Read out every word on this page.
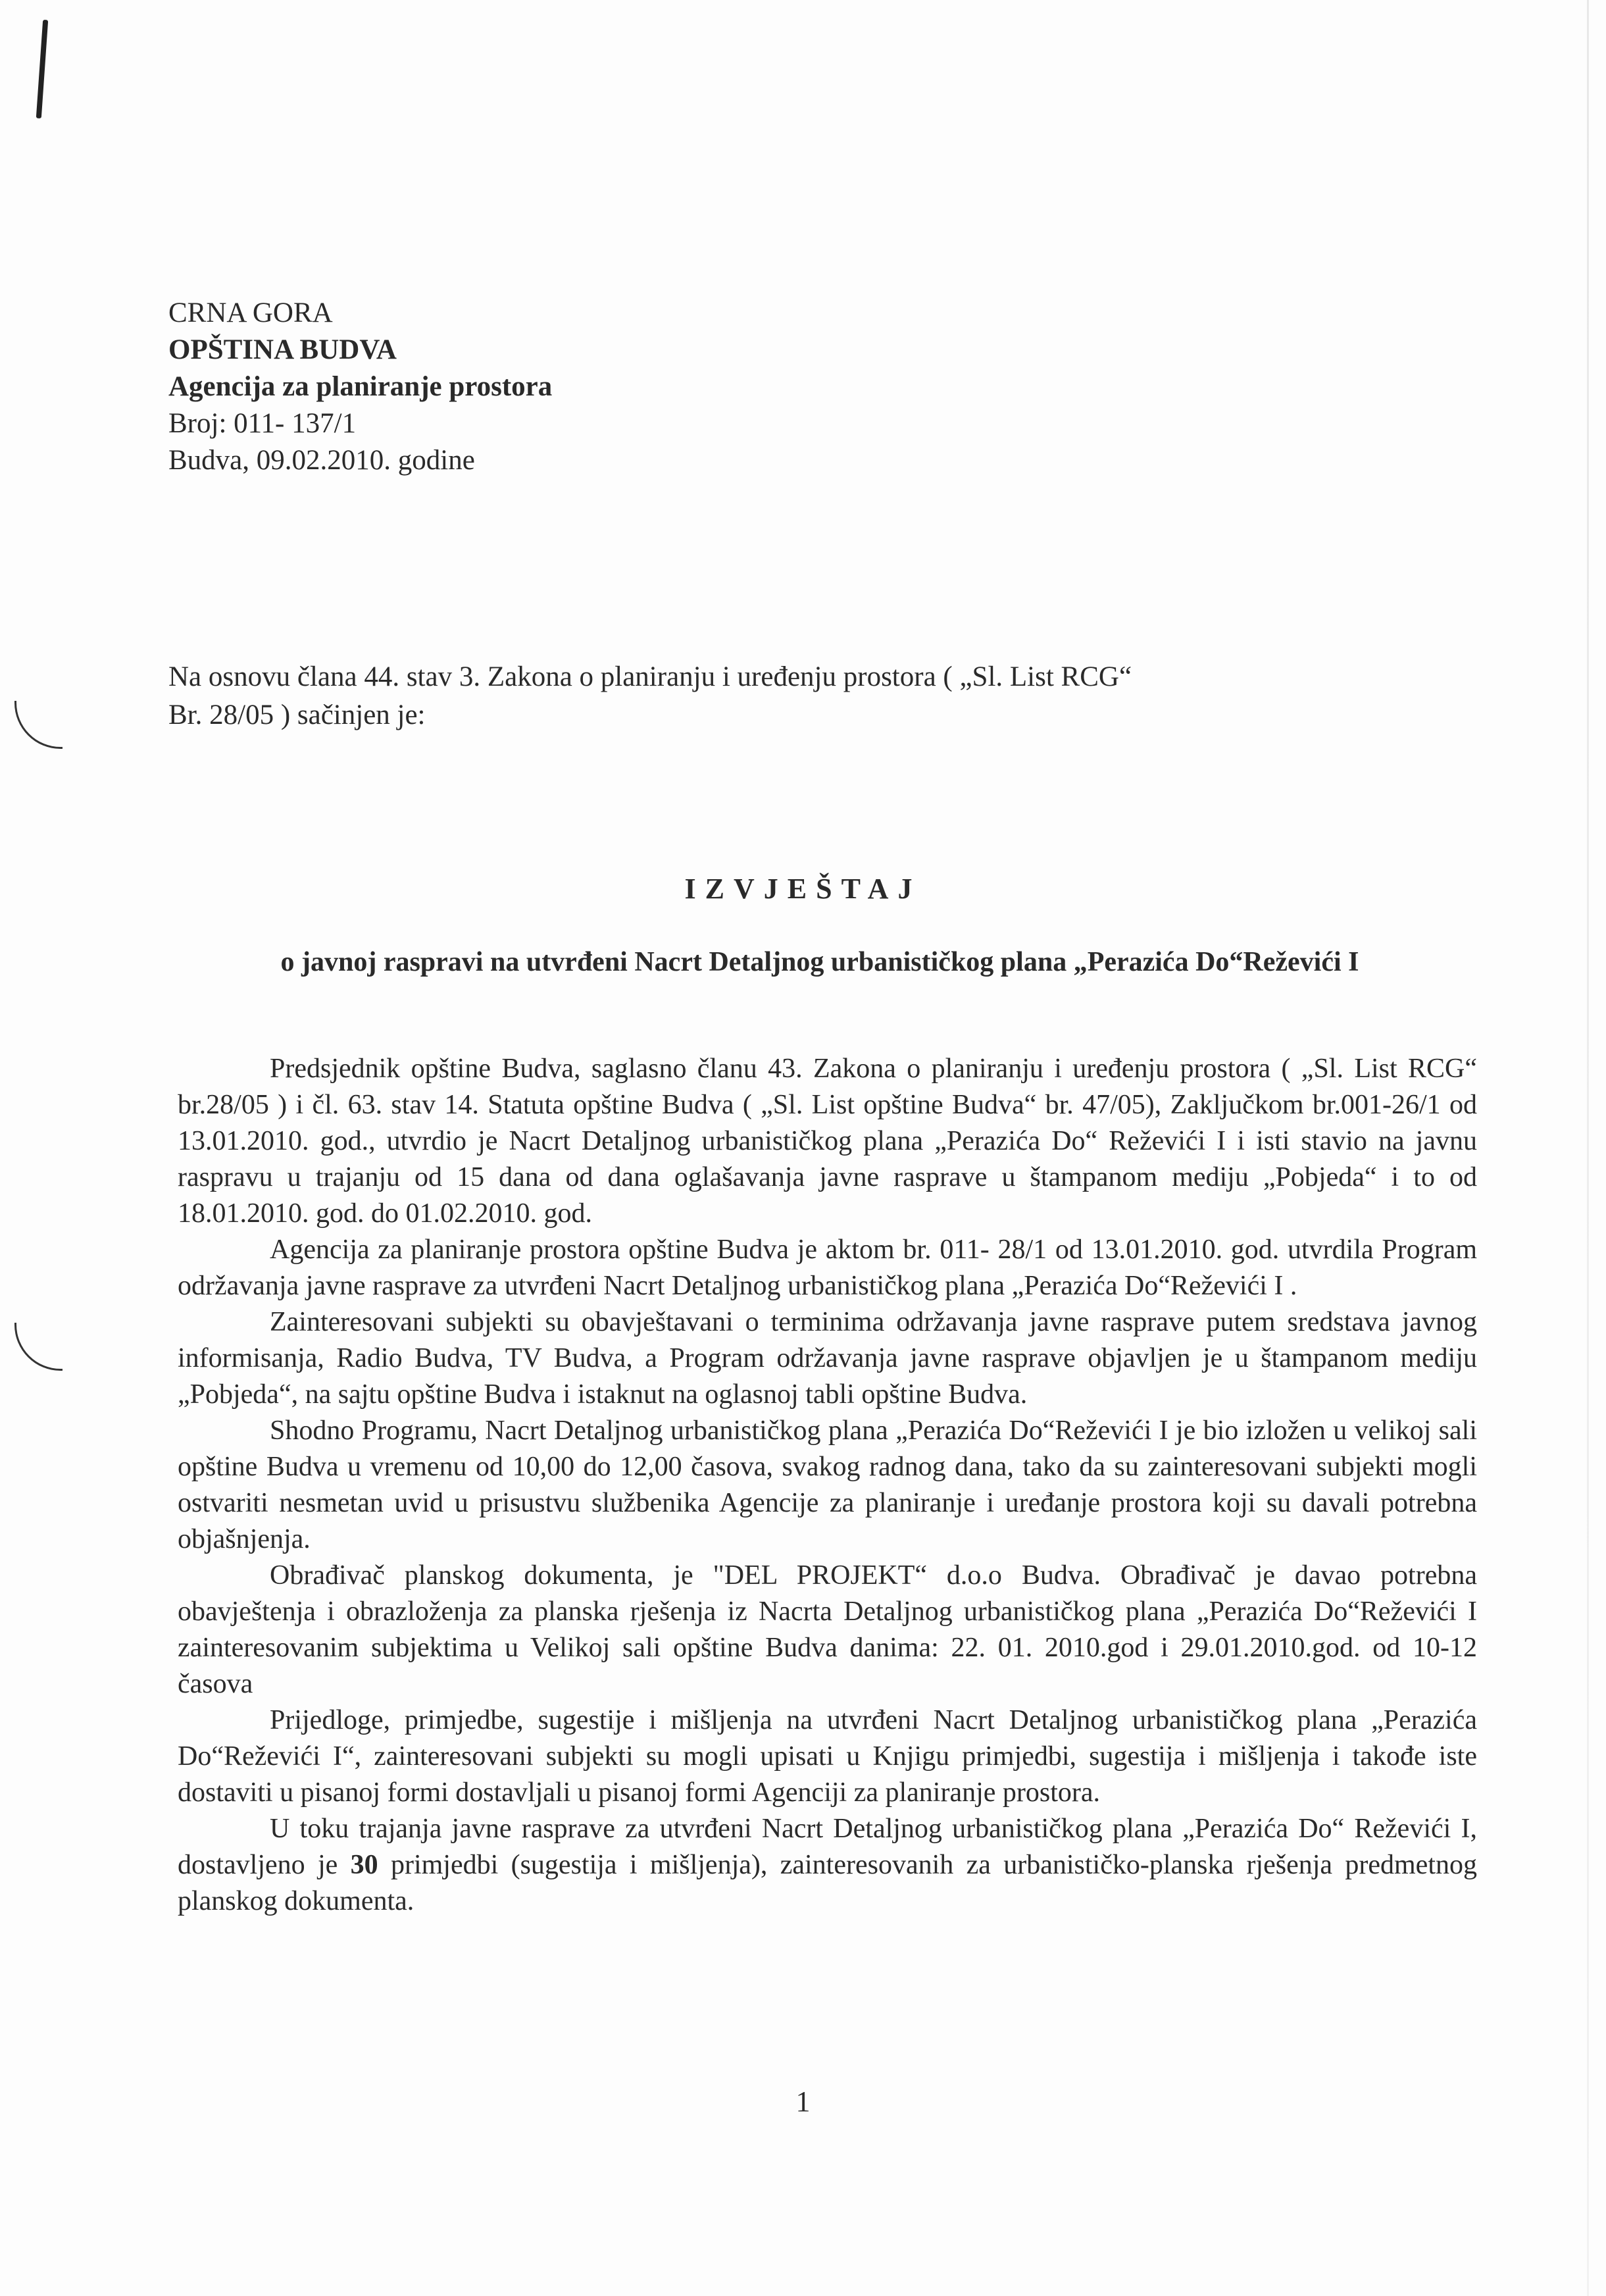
CRNA GORA
OPŠTINA BUDVA
Agencija za planiranje prostora
Broj: 011- 137/1
Budva, 09.02.2010. godine
Na osnovu člana 44. stav 3. Zakona o planiranju i uređenju prostora ( „Sl. List RCG“
Br. 28/05 ) sačinjen je:
IZVJEŠTAJ
o javnoj raspravi na utvrđeni Nacrt Detaljnog urbanističkog plana „Perazića Do“Reževići I

Predsjednik opštine Budva, saglasno članu 43. Zakona o planiranju i uređenju prostora ( „Sl. List RCG“ br.28/05 ) i čl. 63. stav 14. Statuta opštine Budva ( „Sl. List opštine Budva“ br. 47/05), Zaključkom br.001-26/1 od 13.01.2010. god., utvrdio je Nacrt Detaljnog urbanističkog plana „Perazića Do“ Reževići I i isti stavio na javnu raspravu u trajanju od 15 dana od dana oglašavanja javne rasprave u štampanom mediju „Pobjeda“ i to od 18.01.2010. god. do 01.02.2010. god.

Agencija za planiranje prostora opštine Budva je aktom br. 011- 28/1 od 13.01.2010. god. utvrdila Program održavanja javne rasprave za utvrđeni Nacrt Detaljnog urbanističkog plana „Perazića Do“Reževići I .

Zainteresovani subjekti su obavještavani o terminima održavanja javne rasprave putem sredstava javnog informisanja, Radio Budva, TV Budva, a Program održavanja javne rasprave objavljen je u štampanom mediju „Pobjeda“, na sajtu opštine Budva i istaknut na oglasnoj tabli opštine Budva.

Shodno Programu, Nacrt Detaljnog urbanističkog plana „Perazića Do“Reževići I je bio izložen u velikoj sali opštine Budva u vremenu od 10,00 do 12,00 časova, svakog radnog dana, tako da su zainteresovani subjekti mogli ostvariti nesmetan uvid u prisustvu službenika Agencije za planiranje i uređanje prostora koji su davali potrebna objašnjenja.

Obrađivač planskog dokumenta, je "DEL PROJEKT“ d.o.o Budva. Obrađivač je davao potrebna obavještenja i obrazloženja za planska rješenja iz Nacrta Detaljnog urbanističkog plana „Perazića Do“Reževići I zainteresovanim subjektima u Velikoj sali opštine Budva danima: 22. 01. 2010.god i 29.01.2010.god. od 10-12 časova

Prijedloge, primjedbe, sugestije i mišljenja na utvrđeni Nacrt Detaljnog urbanističkog plana „Perazića Do“Reževići I“, zainteresovani subjekti su mogli upisati u Knjigu primjedbi, sugestija i mišljenja i takođe iste dostaviti u pisanoj formi dostavljali u pisanoj formi Agenciji za planiranje prostora.

U toku trajanja javne rasprave za utvrđeni Nacrt Detaljnog urbanističkog plana „Perazića Do“ Reževići I, dostavljeno je 30 primjedbi (sugestija i mišljenja), zainteresovanih za urbanističko-planska rješenja predmetnog planskog dokumenta.

1
